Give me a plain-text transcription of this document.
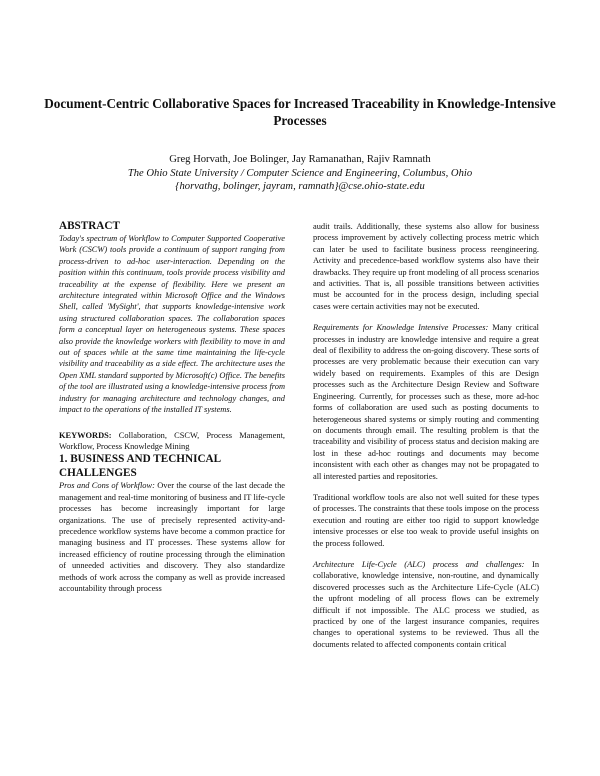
Document-Centric Collaborative Spaces for Increased Traceability in Knowledge-Intensive Processes
Greg Horvath, Joe Bolinger, Jay Ramanathan, Rajiv Ramnath
The Ohio State University / Computer Science and Engineering, Columbus, Ohio
{horvathg, bolinger, jayram, ramnath}@cse.ohio-state.edu
ABSTRACT

Today's spectrum of Workflow to Computer Supported Cooperative Work (CSCW) tools provide a continuum of support ranging from process-driven to ad-hoc user-interaction. Depending on the position within this continuum, tools provide process visibility and traceability at the expense of flexibility. Here we present an architecture integrated within Microsoft Office and the Windows Shell, called 'MySight', that supports knowledge-intensive work using structured collaboration spaces. The collaboration spaces form a conceptual layer on heterogeneous systems. These spaces also provide the knowledge workers with flexibility to move in and out of spaces while at the same time maintaining the life-cycle visibility and traceability as a side effect. The architecture uses the Open XML standard supported by Microsoft(c) Office. The benefits of the tool are illustrated using a knowledge-intensive process from industry for managing architecture and technology changes, and impact to the operations of the installed IT systems.

KEYWORDS: Collaboration, CSCW, Process Management, Workflow, Process Knowledge Mining

1. BUSINESS AND TECHNICAL CHALLENGES

Pros and Cons of Workflow: Over the course of the last decade the management and real-time monitoring of business and IT life-cycle processes has become increasingly important for large organizations. The use of precisely represented activity-and-precedence workflow systems have become a common practice for managing business and IT processes. These systems allow for increased efficiency of routine processing through the elimination of unneeded activities and discovery. They also standardize methods of work across the company as well as provide increased accountability through process

audit trails. Additionally, these systems also allow for business process improvement by actively collecting process metric which can later be used to facilitate business process reengineering. Activity and precedence-based workflow systems also have their drawbacks. They require up front modeling of all process scenarios and activities. That is, all possible transitions between activities must be accounted for in the process design, including special cases were certain activities may not be executed.

Requirements for Knowledge Intensive Processes: Many critical processes in industry are knowledge intensive and require a great deal of flexibility to address the on-going discovery. These sorts of processes are very problematic because their execution can vary widely based on requirements. Examples of this are Design processes such as the Architecture Design Review and Software Engineering. Currently, for processes such as these, more ad-hoc forms of collaboration are used such as posting documents to heterogeneous shared systems or simply routing and commenting on documents through email. The resulting problem is that the traceability and visibility of process status and decision making are lost in these ad-hoc routings and documents may become inconsistent with each other as changes may not be propagated to all interested parties and repositories.

Traditional workflow tools are also not well suited for these types of processes. The constraints that these tools impose on the process execution and routing are either too rigid to support knowledge intensive processes or else too weak to provide useful insights on the process followed.

Architecture Life-Cycle (ALC) process and challenges: In collaborative, knowledge intensive, non-routine, and dynamically discovered processes such as the Architecture Life-Cycle (ALC) the upfront modeling of all process flows can be extremely difficult if not impossible. The ALC process we studied, as practiced by one of the largest insurance companies, requires changes to operational systems to be reviewed. Thus all the documents related to affected components contain critical
